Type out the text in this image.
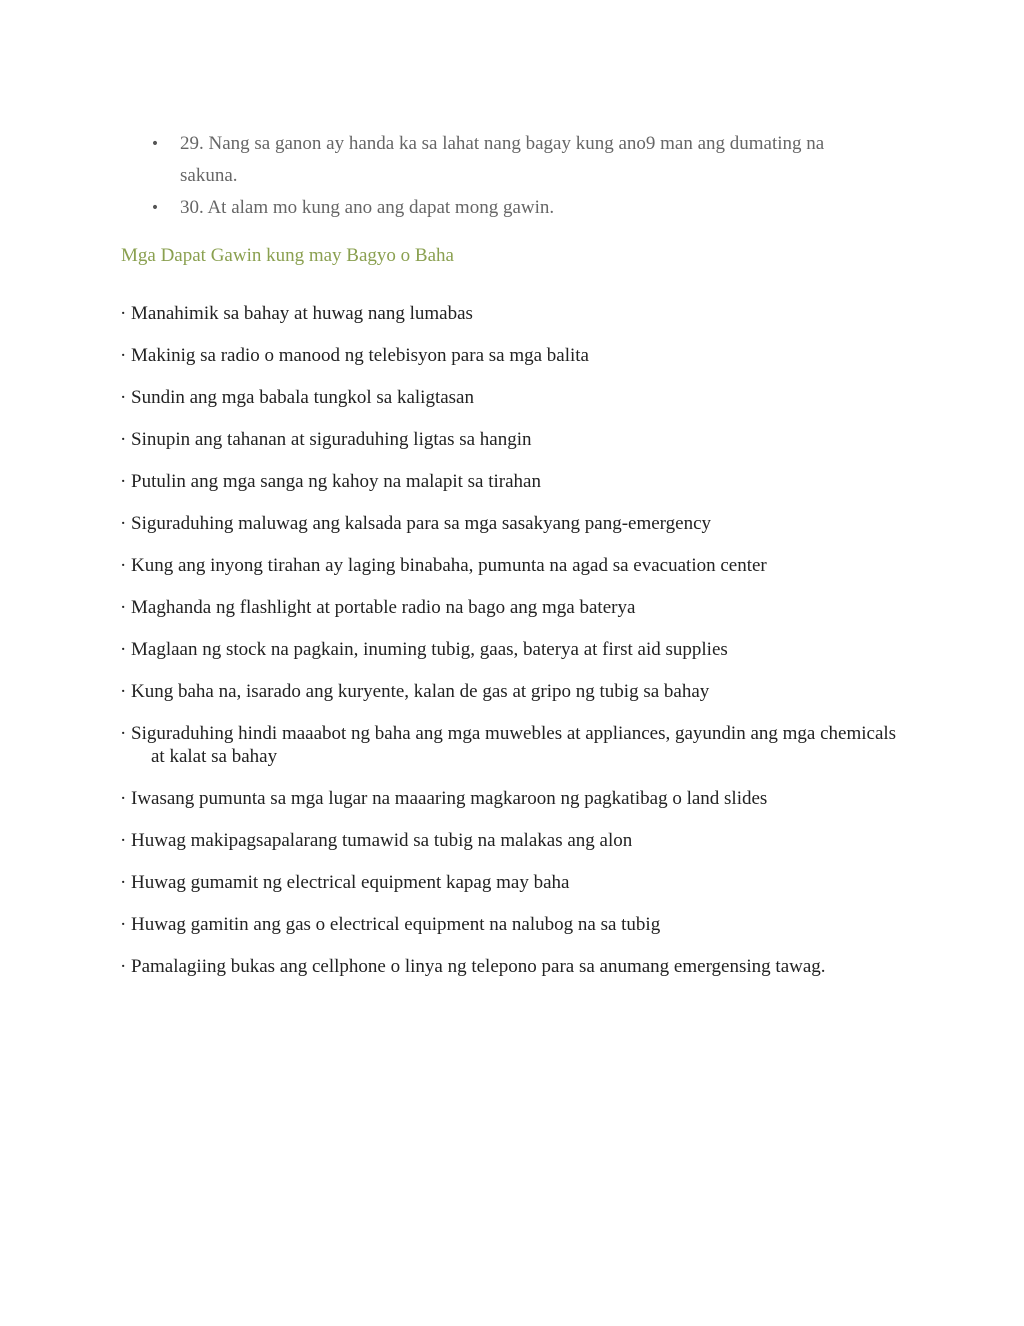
• 29. Nang sa ganon ay handa ka sa lahat nang bagay kung ano9 man ang dumating na sakuna.
• 30. At alam mo kung ano ang dapat mong gawin.
Mga Dapat Gawin kung may Bagyo o Baha
· Manahimik sa bahay at huwag nang lumabas
· Makinig sa radio o manood ng telebisyon para sa mga balita
· Sundin ang mga babala tungkol sa kaligtasan
· Sinupin ang tahanan at siguraduhing ligtas sa hangin
· Putulin ang mga sanga ng kahoy na malapit sa tirahan
· Siguraduhing maluwag ang kalsada para sa mga sasakyang pang-emergency
· Kung ang inyong tirahan ay laging binabaha, pumunta na agad sa evacuation center
· Maghanda ng flashlight at portable radio na bago ang mga baterya
· Maglaan ng stock na pagkain, inuming tubig, gaas, baterya at first aid supplies
· Kung baha na, isarado ang kuryente, kalan de gas at gripo ng tubig sa bahay
· Siguraduhing hindi maaabot ng baha ang mga muwebles at appliances, gayundin ang mga chemicals at kalat sa bahay
· Iwasang pumunta sa mga lugar na maaaring magkaroon ng pagkatibag o land slides
· Huwag makipagsapalarang tumawid sa tubig na malakas ang alon
· Huwag gumamit ng electrical equipment kapag may baha
· Huwag gamitin ang gas o electrical equipment na nalubog na sa tubig
· Pamalagiing bukas ang cellphone o linya ng telepono para sa anumang emergensing tawag.
